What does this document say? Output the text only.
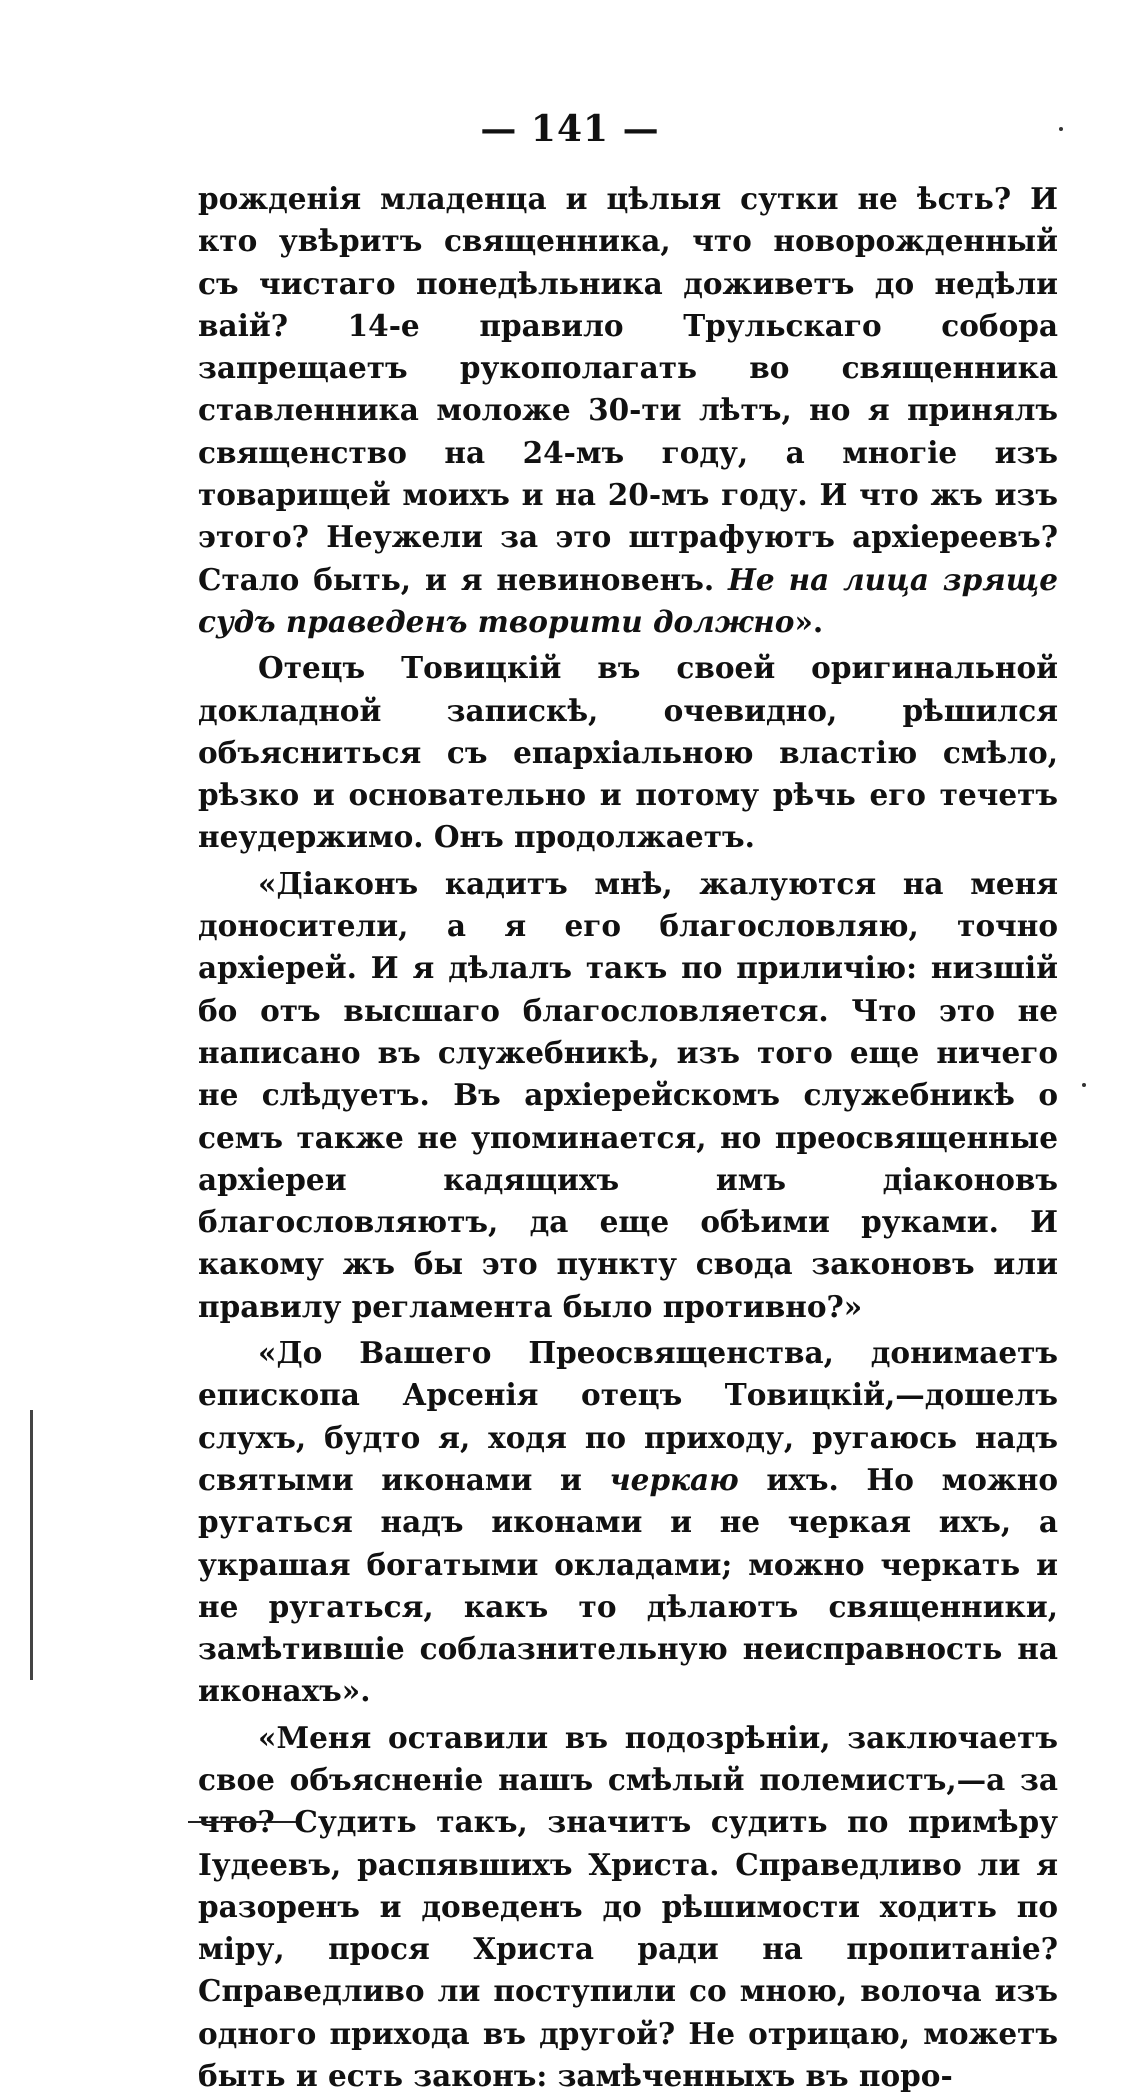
— 141 —

рожденія младенца и цѣлыя сутки не ѣсть? И кто увѣритъ священника, что новорожденный съ чистаго понедѣльника доживетъ до недѣли ваій? 14-е правило Трульскаго собора запрещаетъ рукополагать во священника ставленника моложе 30-ти лѣтъ, но я принялъ священство на 24-мъ году, а многіе изъ товарищей моихъ и на 20-мъ году. И что жъ изъ этого? Неужели за это штрафуютъ архіереевъ? Стало быть, и я невиновенъ. Не на лица зряще судъ праведенъ творити должно».

Отецъ Товицкій въ своей оригинальной докладной запискѣ, очевидно, рѣшился объясниться съ епархіальною властію смѣло, рѣзко и основательно и потому рѣчь его течетъ неудержимо. Онъ продолжаетъ.

«Діаконъ кадитъ мнѣ, жалуются на меня доносители, а я его благословляю, точно архіерей. И я дѣлалъ такъ по приличію: низшій бо отъ высшаго благословляется. Что это не написано въ служебникѣ, изъ того еще ничего не слѣдуетъ. Въ архіерейскомъ служебникѣ о семъ также не упоминается, но преосвященные архіереи кадящихъ имъ діаконовъ благословляютъ, да еще обѣими руками. И какому жъ бы это пункту свода законовъ или правилу регламента было противно?»

«До Вашего Преосвященства, донимаетъ епископа Арсенія отецъ Товицкій,—дошелъ слухъ, будто я, ходя по приходу, ругаюсь надъ святыми иконами и черкаю ихъ. Но можно ругаться надъ иконами и не черкая ихъ, а украшая богатыми окладами; можно черкать и не ругаться, какъ то дѣлаютъ священники, замѣтившіе соблазнительную неисправность на иконахъ».

«Меня оставили въ подозрѣніи, заключаетъ свое объясненіе нашъ смѣлый полемистъ,—а за что? Судить такъ, значитъ судить по примѣру Іудеевъ, распявшихъ Христа. Справедливо ли я разоренъ и доведенъ до рѣшимости ходить по міру, прося Христа ради на пропитаніе? Справедливо ли поступили со мною, волоча изъ одного прихода въ другой? Не отрицаю, можетъ быть и есть законъ: замѣченныхъ въ поро-
